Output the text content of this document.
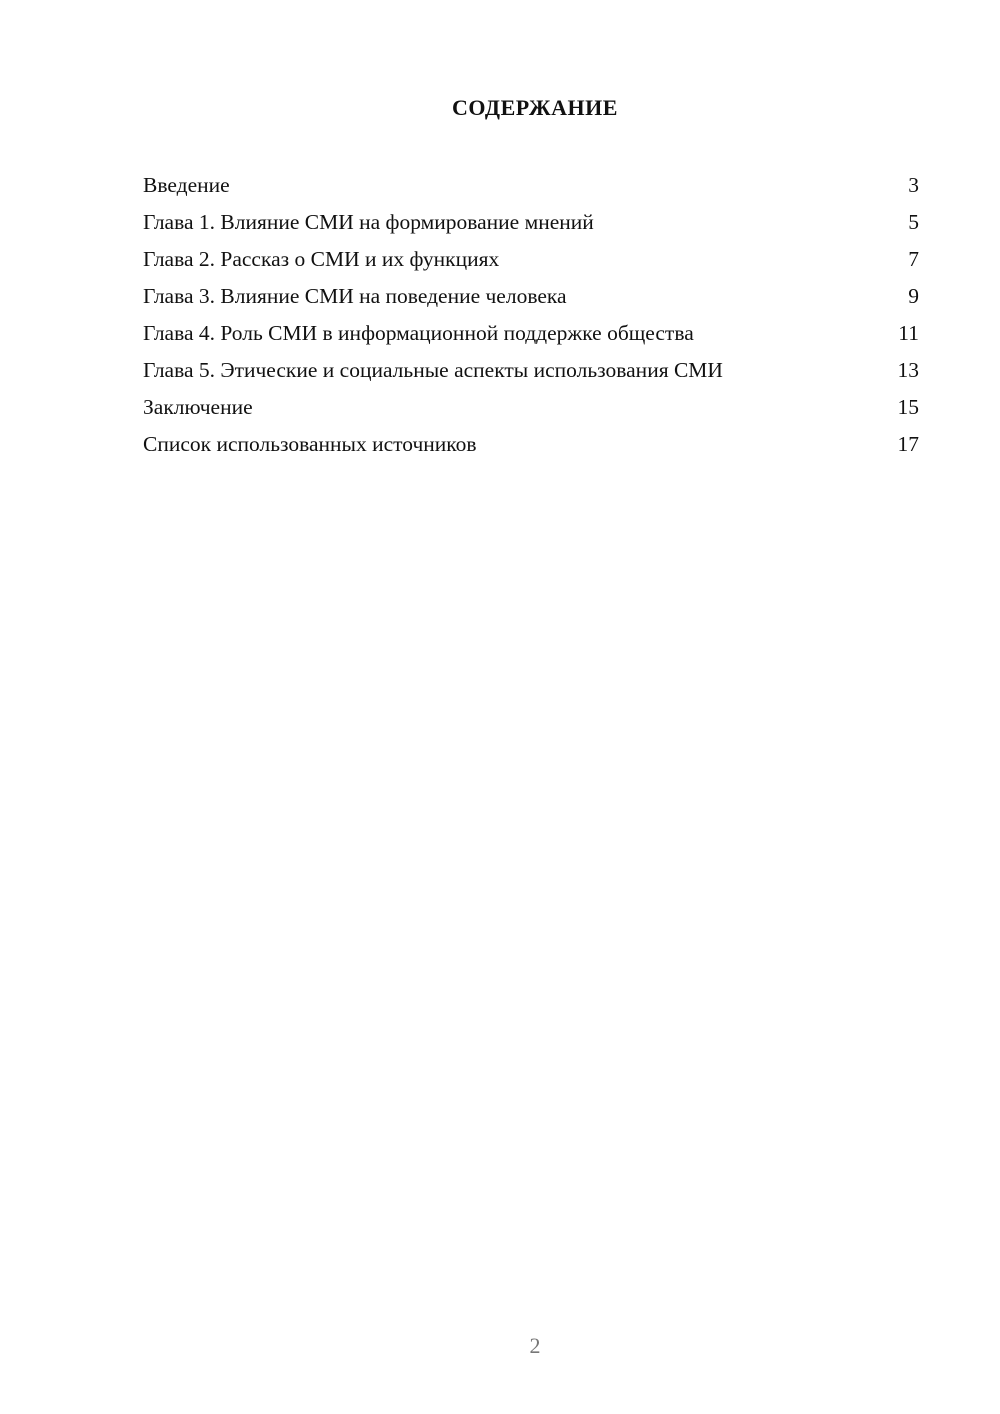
СОДЕРЖАНИЕ
Введение	3
Глава 1. Влияние СМИ на формирование мнений	5
Глава 2. Рассказ о СМИ и их функциях	7
Глава 3. Влияние СМИ на поведение человека	9
Глава 4. Роль СМИ в информационной поддержке общества	11
Глава 5. Этические и социальные аспекты использования СМИ	13
Заключение	15
Список использованных источников	17
2
